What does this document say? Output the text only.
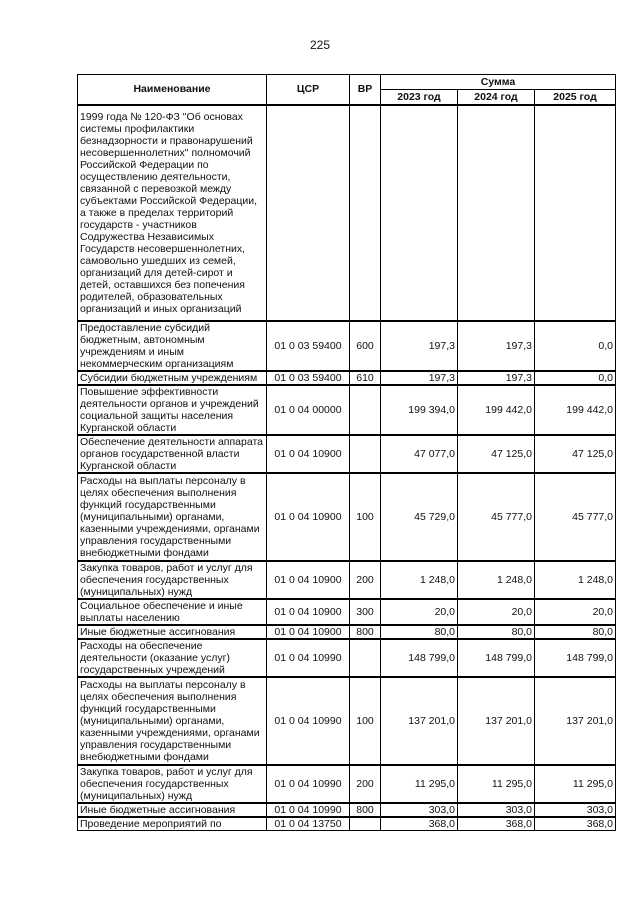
225
Наименование	ЦСР	ВР	Сумма		
			2023 год	2024 год	2025 год
1999 года № 120-ФЗ "Об основах системы профилактики безнадзорности и правонарушений несовершеннолетних" полномочий Российской Федерации по осуществлению деятельности, связанной с перевозкой между субъектами Российской Федерации, а также в пределах территорий государств - участников Содружества Независимых Государств несовершеннолетних, самовольно ушедших из семей, организаций для детей-сирот и детей, оставшихся без попечения родителей, образовательных организаций и иных организаций					
Предоставление субсидий бюджетным, автономным учреждениям и иным некоммерческим организациям	01 0 03 59400	600	197,3	197,3	0,0
Субсидии бюджетным учреждениям	01 0 03 59400	610	197,3	197,3	0,0
Повышение эффективности деятельности органов и учреждений социальной защиты населения Курганской области	01 0 04 00000		199 394,0	199 442,0	199 442,0
Обеспечение деятельности аппарата органов государственной власти Курганской области	01 0 04 10900		47 077,0	47 125,0	47 125,0
Расходы на выплаты персоналу в целях обеспечения выполнения функций государственными (муниципальными) органами, казенными учреждениями, органами управления государственными внебюджетными фондами	01 0 04 10900	100	45 729,0	45 777,0	45 777,0
Закупка товаров, работ и услуг для обеспечения государственных (муниципальных) нужд	01 0 04 10900	200	1 248,0	1 248,0	1 248,0
Социальное обеспечение и иные выплаты населению	01 0 04 10900	300	20,0	20,0	20,0
Иные бюджетные ассигнования	01 0 04 10900	800	80,0	80,0	80,0
Расходы на обеспечение деятельности (оказание услуг) государственных учреждений	01 0 04 10990		148 799,0	148 799,0	148 799,0
Расходы на выплаты персоналу в целях обеспечения выполнения функций государственными (муниципальными) органами, казенными учреждениями, органами управления государственными внебюджетными фондами	01 0 04 10990	100	137 201,0	137 201,0	137 201,0
Закупка товаров, работ и услуг для обеспечения государственных (муниципальных) нужд	01 0 04 10990	200	11 295,0	11 295,0	11 295,0
Иные бюджетные ассигнования	01 0 04 10990	800	303,0	303,0	303,0
Проведение мероприятий по	01 0 04 13750		368,0	368,0	368,0
